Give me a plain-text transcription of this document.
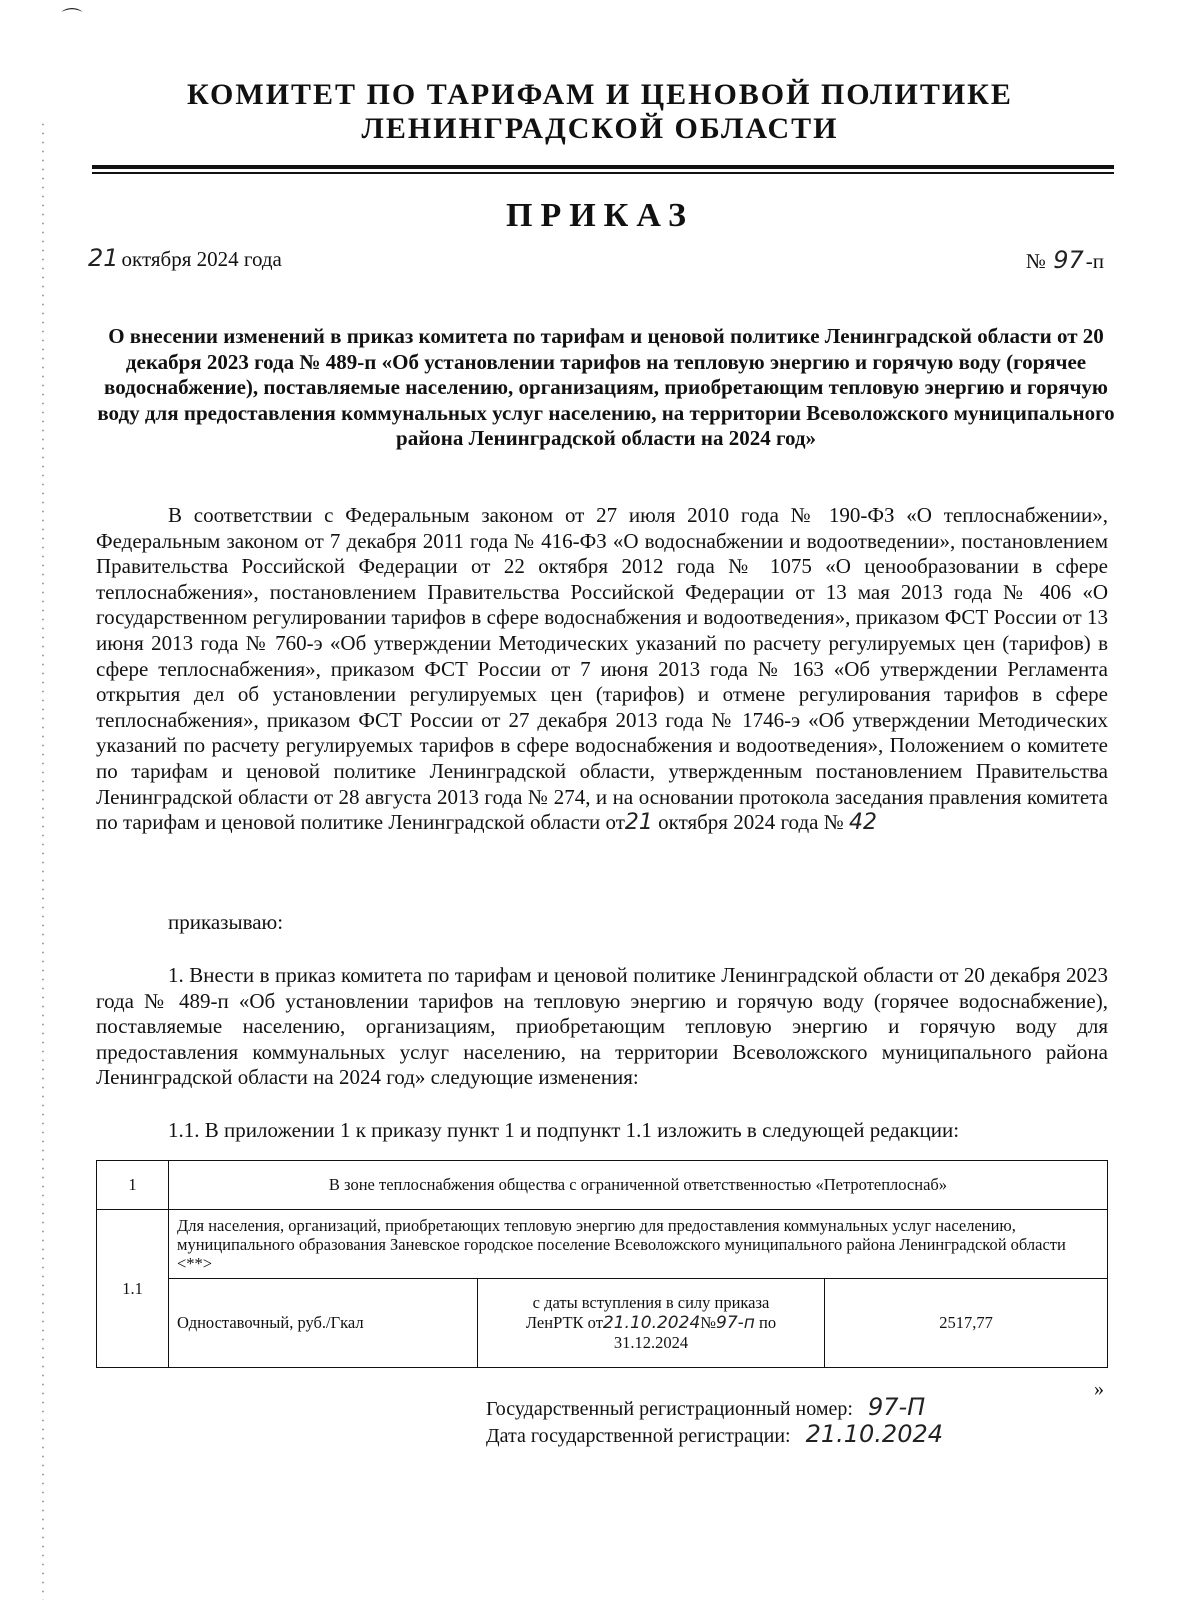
⌒
КОМИТЕТ ПО ТАРИФАМ И ЦЕНОВОЙ ПОЛИТИКЕ
ЛЕНИНГРАДСКОЙ ОБЛАСТИ
ПРИКАЗ
21 октября 2024 года	№ 97-п
О внесении изменений в приказ комитета по тарифам и ценовой политике Ленинградской области от 20 декабря 2023 года № 489-п «Об установлении тарифов на тепловую энергию и горячую воду (горячее водоснабжение), поставляемые населению, организациям, приобретающим тепловую энергию и горячую воду для предоставления коммунальных услуг населению, на территории Всеволожского муниципального района Ленинградской области на 2024 год»
В соответствии с Федеральным законом от 27 июля 2010 года № 190-ФЗ «О теплоснабжении», Федеральным законом от 7 декабря 2011 года № 416-ФЗ «О водоснабжении и водоотведении», постановлением Правительства Российской Федерации от 22 октября 2012 года № 1075 «О ценообразовании в сфере теплоснабжения», постановлением Правительства Российской Федерации от 13 мая 2013 года № 406 «О государственном регулировании тарифов в сфере водоснабжения и водоотведения», приказом ФСТ России от 13 июня 2013 года № 760-э «Об утверждении Методических указаний по расчету регулируемых цен (тарифов) в сфере теплоснабжения», приказом ФСТ России от 7 июня 2013 года № 163 «Об утверждении Регламента открытия дел об установлении регулируемых цен (тарифов) и отмене регулирования тарифов в сфере теплоснабжения», приказом ФСТ России от 27 декабря 2013 года № 1746-э «Об утверждении Методических указаний по расчету регулируемых тарифов в сфере водоснабжения и водоотведения», Положением о комитете по тарифам и ценовой политике Ленинградской области, утвержденным постановлением Правительства Ленинградской области от 28 августа 2013 года № 274, и на основании протокола заседания правления комитета по тарифам и ценовой политике Ленинградской области от21 октября 2024 года № 42
приказываю:
1. Внести в приказ комитета по тарифам и ценовой политике Ленинградской области от 20 декабря 2023 года № 489-п «Об установлении тарифов на тепловую энергию и горячую воду (горячее водоснабжение), поставляемые населению, организациям, приобретающим тепловую энергию и горячую воду для предоставления коммунальных услуг населению, на территории Всеволожского муниципального района Ленинградской области на 2024 год» следующие изменения:
1.1. В приложении 1 к приказу пункт 1 и подпункт 1.1 изложить в следующей редакции:
1	В зоне теплоснабжения общества с ограниченной ответственностью «Петротеплоснаб»		
1.1	Для населения, организаций, приобретающих тепловую энергию для предоставления коммунальных услуг населению, муниципального образования Заневское городское поселение Всеволожского муниципального района Ленинградской области <**>		
	Одноставочный, руб./Гкал	с даты вступления в силу приказа
ЛенРТК от21.10.2024№97-п по
31.12.2024	2517,77
»
Государственный регистрационный номер: 97-П
Дата государственной регистрации: 21.10.2024
